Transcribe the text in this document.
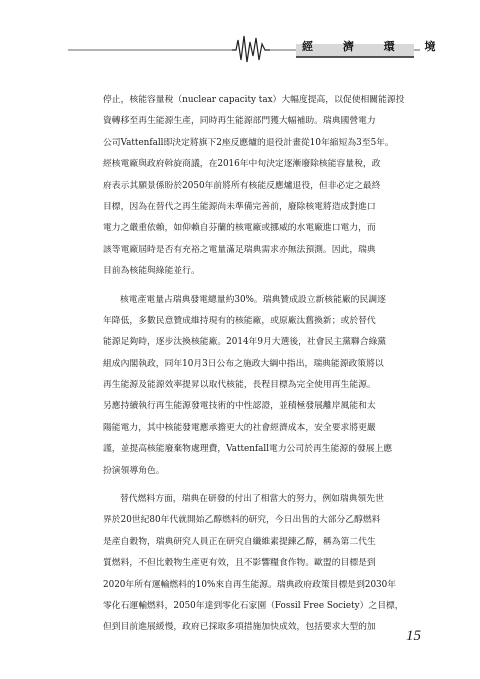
經 濟 環 境
停止，核能容量稅（nuclear capacity tax）大幅度提高，以促使相關能源投
資轉移至再生能源生產，同時再生能源部門獲大幅補助。瑞典國營電力
公司Vattenfall即決定將旗下2座反應爐的退役計畫從10年縮短為3至5年。
經核電廠與政府斡旋商議，在2016年中旬決定逐漸廢除核能容量稅，政
府表示其願景係盼於2050年前將所有核能反應爐退役，但非必定之最終
目標，因為在替代之再生能源尚未準備完善前，廢除核電將造成對進口
電力之嚴重依賴，如仰賴自芬蘭的核電廠或挪威的水電廠進口電力，而
該等電廠屆時是否有充裕之電量滿足瑞典需求亦無法預測。因此，瑞典
目前為核能與綠能並行。
核電產電量占瑞典發電總量約30%。瑞典贊成設立新核能廠的民調逐
年降低，多數民意贊成維持現有的核能廠，或原廠汰舊換新；或於替代
能源足夠時，逐步汰換核能廠。2014年9月大選後，社會民主黨聯合綠黨
組成內閣執政，同年10月3日公布之施政大綱中指出，瑞典能源政策將以
再生能源及能源效率提昇以取代核能，長程目標為完全使用再生能源。
另應持續執行再生能源發電技術的中性認證，並積極發展離岸風能和太
陽能電力，其中核能發電應承擔更大的社會經濟成本，安全要求將更嚴
謹，並提高核能廢棄物處理費，Vattenfall電力公司於再生能源的發展上應
扮演領導角色。
替代燃料方面，瑞典在研發的付出了相當大的努力，例如瑞典領先世
界於20世紀80年代就開始乙醇燃料的研究，今日出售的大部分乙醇燃料
是產自穀物，瑞典研究人員正在研究自纖維素提鍊乙醇，稱為第二代生
質燃料，不但比穀物生產更有效，且不影響糧食作物。歐盟的目標是到
2020年所有運輸燃料的10%來自再生能源。瑞典政府政策目標是到2030年
零化石運輸燃料，2050年達到零化石家園（Fossil Free Society）之目標，
但到目前進展緩慢，政府已採取多項措施加快成效，包括要求大型的加
15
